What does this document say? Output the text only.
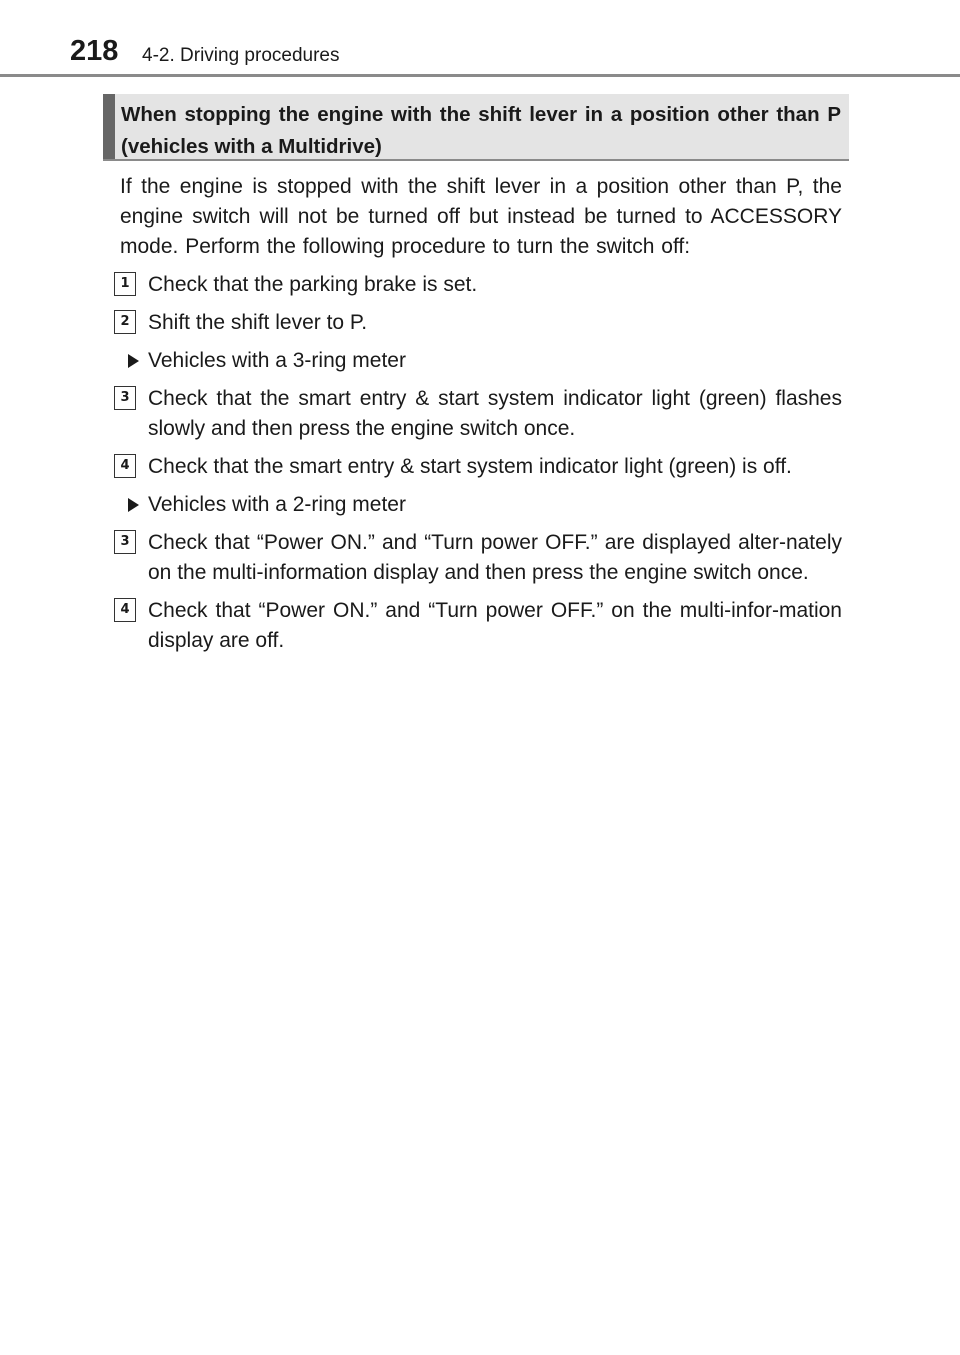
218 4-2. Driving procedures
When stopping the engine with the shift lever in a position other than P (vehicles with a Multidrive)

If the engine is stopped with the shift lever in a position other than P, the engine switch will not be turned off but instead be turned to ACCESSORY mode. Perform the following procedure to turn the switch off:

1 Check that the parking brake is set.
2 Shift the shift lever to P.
Vehicles with a 3-ring meter
3 Check that the smart entry & start system indicator light (green) flashes slowly and then press the engine switch once.
4 Check that the smart entry & start system indicator light (green) is off.
Vehicles with a 2-ring meter
3 Check that “Power ON.” and “Turn power OFF.” are displayed alter-nately on the multi-information display and then press the engine switch once.
4 Check that “Power ON.” and “Turn power OFF.” on the multi-infor-mation display are off.
